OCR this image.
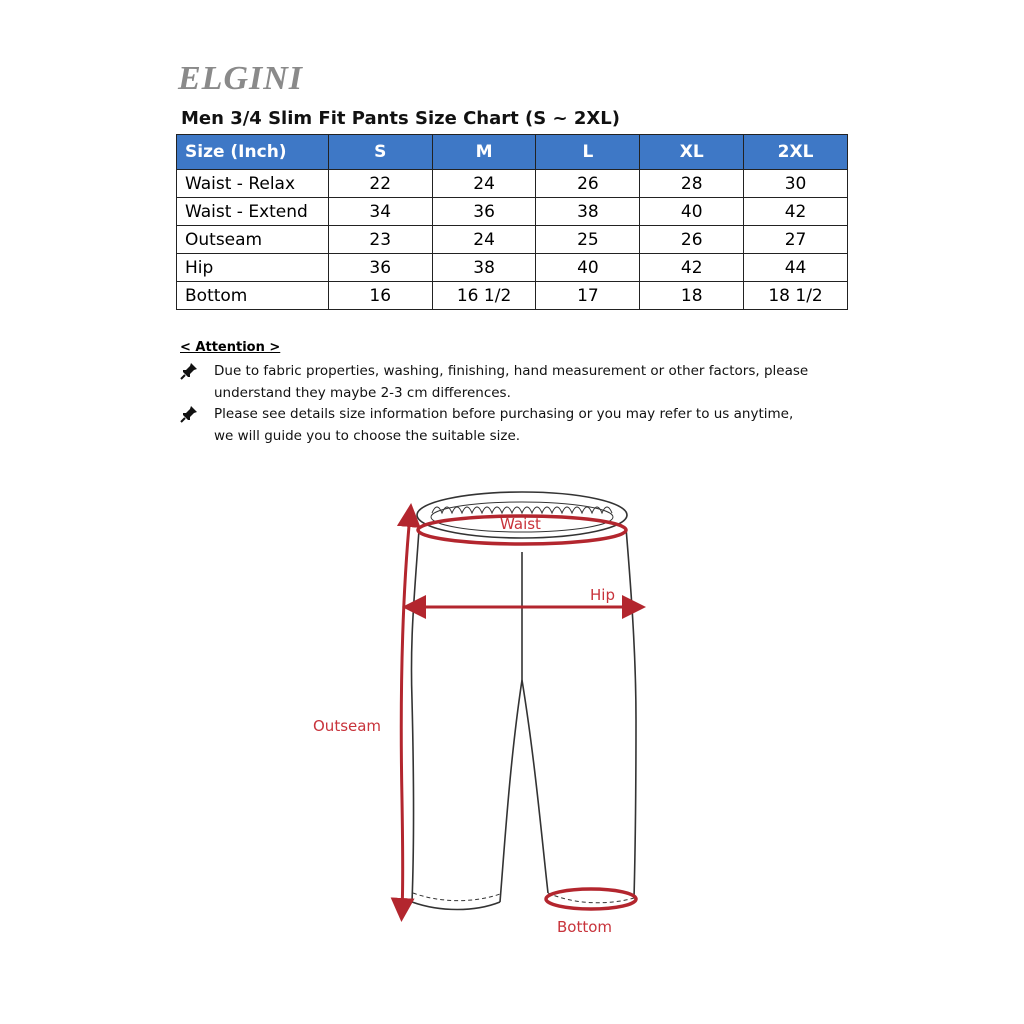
ELGINI
Men 3/4 Slim Fit Pants Size Chart (S ~ 2XL)
Size (Inch)	S	M	L	XL	2XL
Waist - Relax	22	24	26	28	30
Waist - Extend	34	36	38	40	42
Outseam	23	24	25	26	27
Hip	36	38	40	42	44
Bottom	16	16 1/2	17	18	18 1/2
< Attention >
Due to fabric properties, washing, finishing, hand measurement or other factors, please understand they maybe 2-3 cm differences.
Please see details size information before purchasing or you may refer to us anytime, we will guide you to choose the suitable size.
Waist
Hip
Outseam
Bottom
